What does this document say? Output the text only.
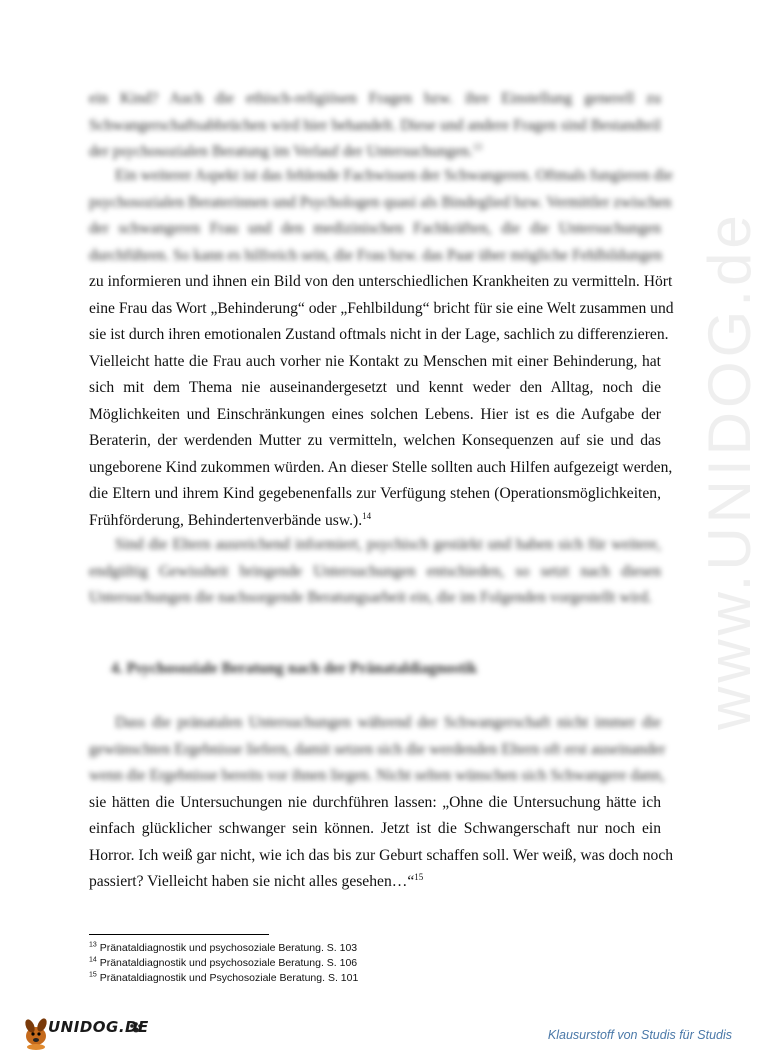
www.UNIDOG.de
ein Kind? Auch die ethisch-religiösen Fragen bzw. ihre Einstellung generell zu
Schwangerschaftsabbrüchen wird hier behandelt. Diese und andere Fragen sind Bestandteil
der psychosozialen Beratung im Verlauf der Untersuchungen.$^{13}$
Ein weiterer Aspekt ist das fehlende Fachwissen der Schwangeren. Oftmals fungieren die
psychosozialen Beraterinnen und Psychologen quasi als Bindeglied bzw. Vermittler zwischen
der schwangeren Frau und den medizinischen Fachkräften, die die Untersuchungen
durchführen. So kann es hilfreich sein, die Frau bzw. das Paar über mögliche Fehlbildungen
zu informieren und ihnen ein Bild von den unterschiedlichen Krankheiten zu vermitteln. Hört
eine Frau das Wort „Behinderung“ oder „Fehlbildung“ bricht für sie eine Welt zusammen und
sie ist durch ihren emotionalen Zustand oftmals nicht in der Lage, sachlich zu differenzieren.
Vielleicht hatte die Frau auch vorher nie Kontakt zu Menschen mit einer Behinderung, hat
sich mit dem Thema nie auseinandergesetzt und kennt weder den Alltag, noch die
Möglichkeiten und Einschränkungen eines solchen Lebens. Hier ist es die Aufgabe der
Beraterin, der werdenden Mutter zu vermitteln, welchen Konsequenzen auf sie und das
ungeborene Kind zukommen würden. An dieser Stelle sollten auch Hilfen aufgezeigt werden,
die Eltern und ihrem Kind gegebenenfalls zur Verfügung stehen (Operationsmöglichkeiten,
Frühförderung, Behindertenverbände usw.).$^{14}$
Sind die Eltern ausreichend informiert, psychisch gestärkt und haben sich für weitere,
endgültig Gewissheit bringende Untersuchungen entschieden, so setzt nach diesen
Untersuchungen die nachsorgende Beratungsarbeit ein, die im Folgenden vorgestellt wird.
4. Psychosoziale Beratung nach der Pränataldiagnostik
Dass die pränatalen Untersuchungen während der Schwangerschaft nicht immer die
gewünschten Ergebnisse liefern, damit setzen sich die werdenden Eltern oft erst auseinander
wenn die Ergebnisse bereits vor ihnen liegen. Nicht selten wünschen sich Schwangere dann,
sie hätten die Untersuchungen nie durchführen lassen: „Ohne die Untersuchung hätte ich
einfach glücklicher schwanger sein können. Jetzt ist die Schwangerschaft nur noch ein
Horror. Ich weiß gar nicht, wie ich das bis zur Geburt schaffen soll. Wer weiß, was doch noch
passiert? Vielleicht haben sie nicht alles gesehen…“$^{15}$
$^{13}$ Pränataldiagnostik und psychosoziale Beratung. S. 103
$^{14}$ Pränataldiagnostik und psychosoziale Beratung. S. 106
$^{15}$ Pränataldiagnostik und Psychosoziale Beratung. S. 101
UNIDOG.DE	Klausurstoff von Studis für Studis
